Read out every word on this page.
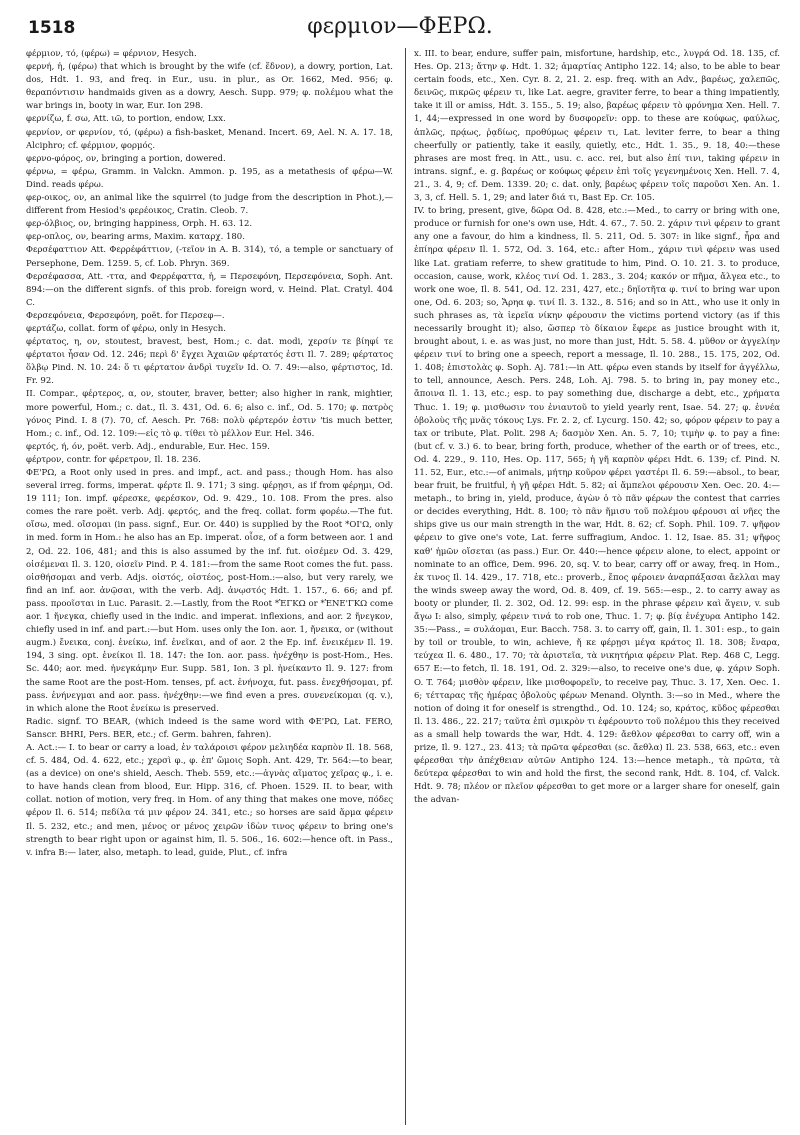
1518	φερμιον—ΦΕΡΩ.

φέρμιον, τό, (φέρω) = φέρνιον, Hesych.

φερνή, ἡ, (φέρω) that which is brought by the wife (cf. ἕδνον), a dowry, portion, Lat. dos, Hdt. 1. 93, and freq. in Eur., usu. in plur., as Or. 1662, Med. 956; φ. θεραπόντισιν handmaids given as a dowry, Aesch. Supp. 979; φ. πολέμου what the war brings in, booty in war, Eur. Ion 298.

φερνίζω, f. σω, Att. ιῶ, to portion, endow, Lxx.

φερνίον, or φερνίον, τό, (φέρω) a fish-basket, Menand. Incert. 69, Ael. N. A. 17. 18, Alciphro; cf. φέρμιον, φορμός.

φερνο-φόρος, ον, bringing a portion, dowered.

φέρνω, = φέρω, Gramm. in Valckn. Ammon. p. 195, as a metathesis of φέρω—W. Dind. reads φέρω.

φερ-οικος, ον, an animal like the squirrel (to judge from the description in Phot.),—different from Hesiod's φερέοικος, Cratin. Cleob. 7.

φερ-όλβιος, ον, bringing happiness, Orph. H. 63. 12.

φερ-οπλος, ον, bearing arms, Maxim. καταρχ. 180.

Φερσέφαττιον Att. Φερρέφάττιον, (-τεῖον in A. B. 314), τό, a temple or sanctuary of Persephone, Dem. 1259. 5, cf. Lob. Phryn. 369.

Φερσέφασσα, Att. -ττα, and Φερρέφαττα, ἡ, = Περσεφόνη, Περσεφόνεια, Soph. Ant. 894:—on the different signfs. of this prob. foreign word, v. Heind. Plat. Cratyl. 404 C.

Φερσεφόνεια, Φερσεφόνη, poët. for Περσεφ—.

φερτάζω, collat. form of φέρω, only in Hesych.

φέρτατος, η, ον, stoutest, bravest, best, Hom.; c. dat. modi, χερσίν τε βίηφί τε φέρτατοι ἦσαν Od. 12. 246; περὶ δ' ἔγχει Ἀχαιῶν φέρτατός ἐστι Il. 7. 289; φέρτατος ὅλβῳ Pind. N. 10. 24: ὅ τι φέρτατον ἀνδρὶ τυχεῖν Id. O. 7. 49:—also, φέρτιστος, Id. Fr. 92.

II. Compar., φέρτερος, α, ον, stouter, braver, better; also higher in rank, mightier, more powerful, Hom.; c. dat., Il. 3. 431, Od. 6. 6; also c. inf., Od. 5. 170; φ. πατρὸς γόνος Pind. I. 8 (7). 70, cf. Aesch. Pr. 768: πολὺ φέρτερόν ἐστιν 'tis much better, Hom.; c. inf., Od. 12. 109:—εἰς τὸ φ. τίθει τὸ μέλλον Eur. Hel. 346.

φερτός, ή, όν, poët. verb. Adj., endurable, Eur. Hec. 159.

φέρτρον, contr. for φέρετρον, Il. 18. 236.

ΦΕ'ΡΩ, a Root only used in pres. and impf., act. and pass.; though Hom. has also several irreg. forms, imperat. φέρτε Il. 9. 171; 3 sing. φέρῃσι, as if from φέρημι, Od. 19 111; Ion. impf. φέρεσκε, φερέσκον, Od. 9. 429., 10. 108. From the pres. also comes the rare poët. verb. Adj. φερτός, and the freq. collat. form φορέω.—The fut. οἴσω, med. οἴσομαι (in pass. signf., Eur. Or. 440) is supplied by the Root *ΟΙ'Ω, only in med. form in Hom.: he also has an Ep. imperat. οἶσε, of a form between aor. 1 and 2, Od. 22. 106, 481; and this is also assumed by the inf. fut. οἰσέμεν Od. 3. 429, οἰσέμεναι Il. 3. 120, οἰσεῖν Pind. P. 4. 181:—from the same Root comes the fut. pass. οἰσθήσομαι and verb. Adjs. οἰστός, οἰστέος, post-Hom.:—also, but very rarely, we find an inf. aor. ἀνῷσαι, with the verb. Adj. ἀνῳστός Hdt. 1. 157., 6. 66; and pf. pass. προοῖσται in Luc. Parasit. 2.—Lastly, from the Root *ἘΓΚΩ or *ἘΝΕ'ΓΚΩ come aor. 1 ἤνεγκα, chiefly used in the indic. and imperat. inflexions, and aor. 2 ἤνεγκον, chiefly used in inf. and part.:—but Hom. uses only the Ion. aor. 1, ἤνεικα, or (without augm.) ἔνεικα, conj. ἐνείκω, inf. ἐνεῖκαι, and of aor. 2 the Ep. inf. ἐνεικέμεν Il. 19. 194, 3 sing. opt. ἐνείκοι Il. 18. 147: the Ion. aor. pass. ἠνέχθην is post-Hom., Hes. Sc. 440; aor. med. ἠνεγκάμην Eur. Supp. 581, Ion. 3 pl. ἠνείκαντο Il. 9. 127: from the same Root are the post-Hom. tenses, pf. act. ἐνήνοχα, fut. pass. ἐνεχθήσομαι, pf. pass. ἐνήνεγμαι and aor. pass. ἠνέχθην:—we find even a pres. συνενείκομαι (q. v.), in which alone the Root ἐνείκω is preserved.

Radic. signf. TO BEAR, (which indeed is the same word with ΦΕ'ΡΩ, Lat. FERO, Sanscr. BHRI, Pers. BER, etc.; cf. Germ. bahren, fahren).

A. Act.:— I. to bear or carry a load, ἐν ταλάροισι φέρον μελιηδέα καρπὸν Il. 18. 568, cf. 5. 484, Od. 4. 622, etc.; χερσὶ φ., φ. ἐπ' ὤμοις Soph. Ant. 429, Tr. 564:—to bear, (as a device) on one's shield, Aesch. Theb. 559, etc.:—ἀγνὰς αἵματος χεῖρας φ., i. e. to have hands clean from blood, Eur. Hipp. 316, cf. Phoen. 1529. II. to bear, with collat. notion of motion, very freq. in Hom. of any thing that makes one move, πόδες φέρον Il. 6. 514; πεδίλα τά μιν φέρον 24. 341, etc.; so horses are said ἅρμα φέρειν Il. 5. 232, etc.; and men, μένος or μένος χειρῶν ἰδὼν τινος φέρειν to bring one's strength to bear right upon or against him, Il. 5. 506., 16. 602:—hence oft. in Pass., v. infra B:— later, also, metaph. to lead, guide, Plut., cf. infra

x. III. to bear, endure, suffer pain, misfortune, hardship, etc., λυγρά Od. 18. 135, cf. Hes. Op. 213; ἄτην φ. Hdt. 1. 32; ἁμαρτίας Antipho 122. 14; also, to be able to bear certain foods, etc., Xen. Cyr. 8. 2, 21. 2. esp. freq. with an Adv., βαρέως, χαλεπῶς, δεινῶς, πικρῶς φέρειν τι, like Lat. aegre, graviter ferre, to bear a thing impatiently, take it ill or amiss, Hdt. 3. 155., 5. 19; also, βαρέως φέρειν τὸ φρόνημα Xen. Hell. 7. 1, 44;—expressed in one word by δυσφορεῖν: opp. to these are κούφως, φαύλως, ἁπλῶς, πρᾴως, ῥᾳδίως, προθύμως φέρειν τι, Lat. leviter ferre, to bear a thing cheerfully or patiently, take it easily, quietly, etc., Hdt. 1. 35., 9. 18, 40:—these phrases are most freq. in Att., usu. c. acc. rei, but also ἐπί τινι, taking φέρειν in intrans. signf., e. g. βαρέως or κούφως φέρειν ἐπὶ τοῖς γεγενημένοις Xen. Hell. 7. 4, 21., 3. 4, 9; cf. Dem. 1339. 20; c. dat. only, βαρέως φέρειν τοῖς παροῦσι Xen. An. 1. 3, 3, cf. Hell. 5. 1, 29; and later διά τι, Bast Ep. Cr. 105.

IV. to bring, present, give, δῶρα Od. 8. 428, etc.:—Med., to carry or bring with one, produce or furnish for one's own use, Hdt. 4. 67., 7. 50. 2. χάριν τινὶ φέρειν to grant any one a favour, do him a kindness, Il. 5. 211, Od. 5. 307: in like signf., ἦρα and ἐπίηρα φέρειν Il. 1. 572, Od. 3. 164, etc.: after Hom., χάριν τινὶ φέρειν was used like Lat. gratiam referre, to shew gratitude to him, Pind. O. 10. 21. 3. to produce, occasion, cause, work, κλέος τινί Od. 1. 283., 3. 204; κακόν or πῆμα, ἄλγεα etc., to work one woe, Il. 8. 541, Od. 12. 231, 427, etc.; δηϊοτῆτα φ. τινί to bring war upon one, Od. 6. 203; so, Ἄρηα φ. τινί Il. 3. 132., 8. 516; and so in Att., who use it only in such phrases as, τὰ ἱερεῖα νίκην φέρουσιν the victims portend victory (as if this necessarily brought it); also, ὥσπερ τὸ δίκαιον ἔφερε as justice brought with it, brought about, i. e. as was just, no more than just, Hdt. 5. 58. 4. μῦθον or ἀγγελίην φέρειν τινί to bring one a speech, report a message, Il. 10. 288., 15. 175, 202, Od. 1. 408; ἐπιστολὰς φ. Soph. Aj. 781:—in Att. φέρω even stands by itself for ἀγγέλλω, to tell, announce, Aesch. Pers. 248, Loh. Aj. 798. 5. to bring in, pay money etc., ἄποινα Il. 1. 13, etc.; esp. to pay something due, discharge a debt, etc., χρήματα Thuc. 1. 19; φ. μισθωσιν του ἐνιαυτοῦ to yield yearly rent, Isae. 54. 27; φ. ἐννέα ὀβολοὺς τῆς μνᾶς τόκους Lys. Fr. 2. 2, cf. Lycurg. 150. 42; so, φόρον φέρειν to pay a tax or tribute, Plat. Polit. 298 A; δασμὸν Xen. An. 5. 7, 10; τιμὴν φ. to pay a fine: (but cf. v. 3.) 6. to bear, bring forth, produce, whether of the earth or of trees, etc., Od. 4. 229., 9. 110, Hes. Op. 117, 565; ἡ γῆ καρπὸν φέρει Hdt. 6. 139; cf. Pind. N. 11. 52, Eur., etc.:—of animals, μήτηρ κοῦρον φέρει γαστέρι Il. 6. 59:—absol., to bear, bear fruit, be fruitful, ἡ γῆ φέρει Hdt. 5. 82; αἱ ἄμπελοι φέρουσιν Xen. Oec. 20. 4:—metaph., to bring in, yield, produce, ἀγὼν ὁ τὸ πᾶν φέρων the contest that carries or decides everything, Hdt. 8. 100; τὸ πᾶν ἥμισυ τοῦ πολέμου φέρουσι αἱ νῆες the ships give us our main strength in the war, Hdt. 8. 62; cf. Soph. Phil. 109. 7. ψῆφον φέρειν to give one's vote, Lat. ferre suffragium, Andoc. 1. 12, Isae. 85. 31; ψῆφος καθ' ἡμῶν οἴσεται (as pass.) Eur. Or. 440:—hence φέρειν alone, to elect, appoint or nominate to an office, Dem. 996. 20, sq. V. to bear, carry off or away, freq. in Hom., ἐκ τινος Il. 14. 429., 17. 718, etc.: proverb., ἔπος φέροιεν ἀναρπάξασαι ἄελλαι may the winds sweep away the word, Od. 8. 409, cf. 19. 565:—esp., 2. to carry away as booty or plunder, Il. 2. 302, Od. 12. 99: esp. in the phrase φέρειν καὶ ἄγειν, v. sub ἄγω I: also, simply, φέρειν τινά to rob one, Thuc. 1. 7; φ. βίᾳ ἐνέχυρα Antipho 142. 35:—Pass., = συλάομαι, Eur. Bacch. 758. 3. to carry off, gain, Il. 1. 301: esp., to gain by toil or trouble, to win, achieve, ἤ κε φέρῃσι μέγα κράτος Il. 18. 308; ἔναρα, τεύχεα Il. 6. 480., 17. 70; τὰ ἀριστεῖα, τὰ νικητήρια φέρειν Plat. Rep. 468 C, Legg. 657 E:—to fetch, Il. 18. 191, Od. 2. 329:—also, to receive one's due, φ. χάριν Soph. O. T. 764; μισθὸν φέρειν, like μισθοφορεῖν, to receive pay, Thuc. 3. 17, Xen. Oec. 1. 6; τέτταρας τῆς ἡμέρας ὀβολοὺς φέρων Menand. Olynth. 3:—so in Med., where the notion of doing it for oneself is strengthd., Od. 10. 124; so, κράτος, κῦδος φέρεσθαι Il. 13. 486., 22. 217; ταῦτα ἐπὶ σμικρὸν τι ἐφέρουντο τοῦ πολέμου this they received as a small help towards the war, Hdt. 4. 129: ἄεθλον φέρεσθαι to carry off, win a prize, Il. 9. 127., 23. 413; τὰ πρῶτα φέρεσθαι (sc. ἄεθλα) Il. 23. 538, 663, etc.: even φέρεσθαι τὴν ἀπέχθειαν αὐτῶν Antipho 124. 13:—hence metaph., τὰ πρῶτα, τὰ δεύτερα φέρεσθαι to win and hold the first, the second rank, Hdt. 8. 104, cf. Valck. Hdt. 9. 78; πλέον or πλεῖον φέρεσθαι to get more or a larger share for oneself, gain the advan-
